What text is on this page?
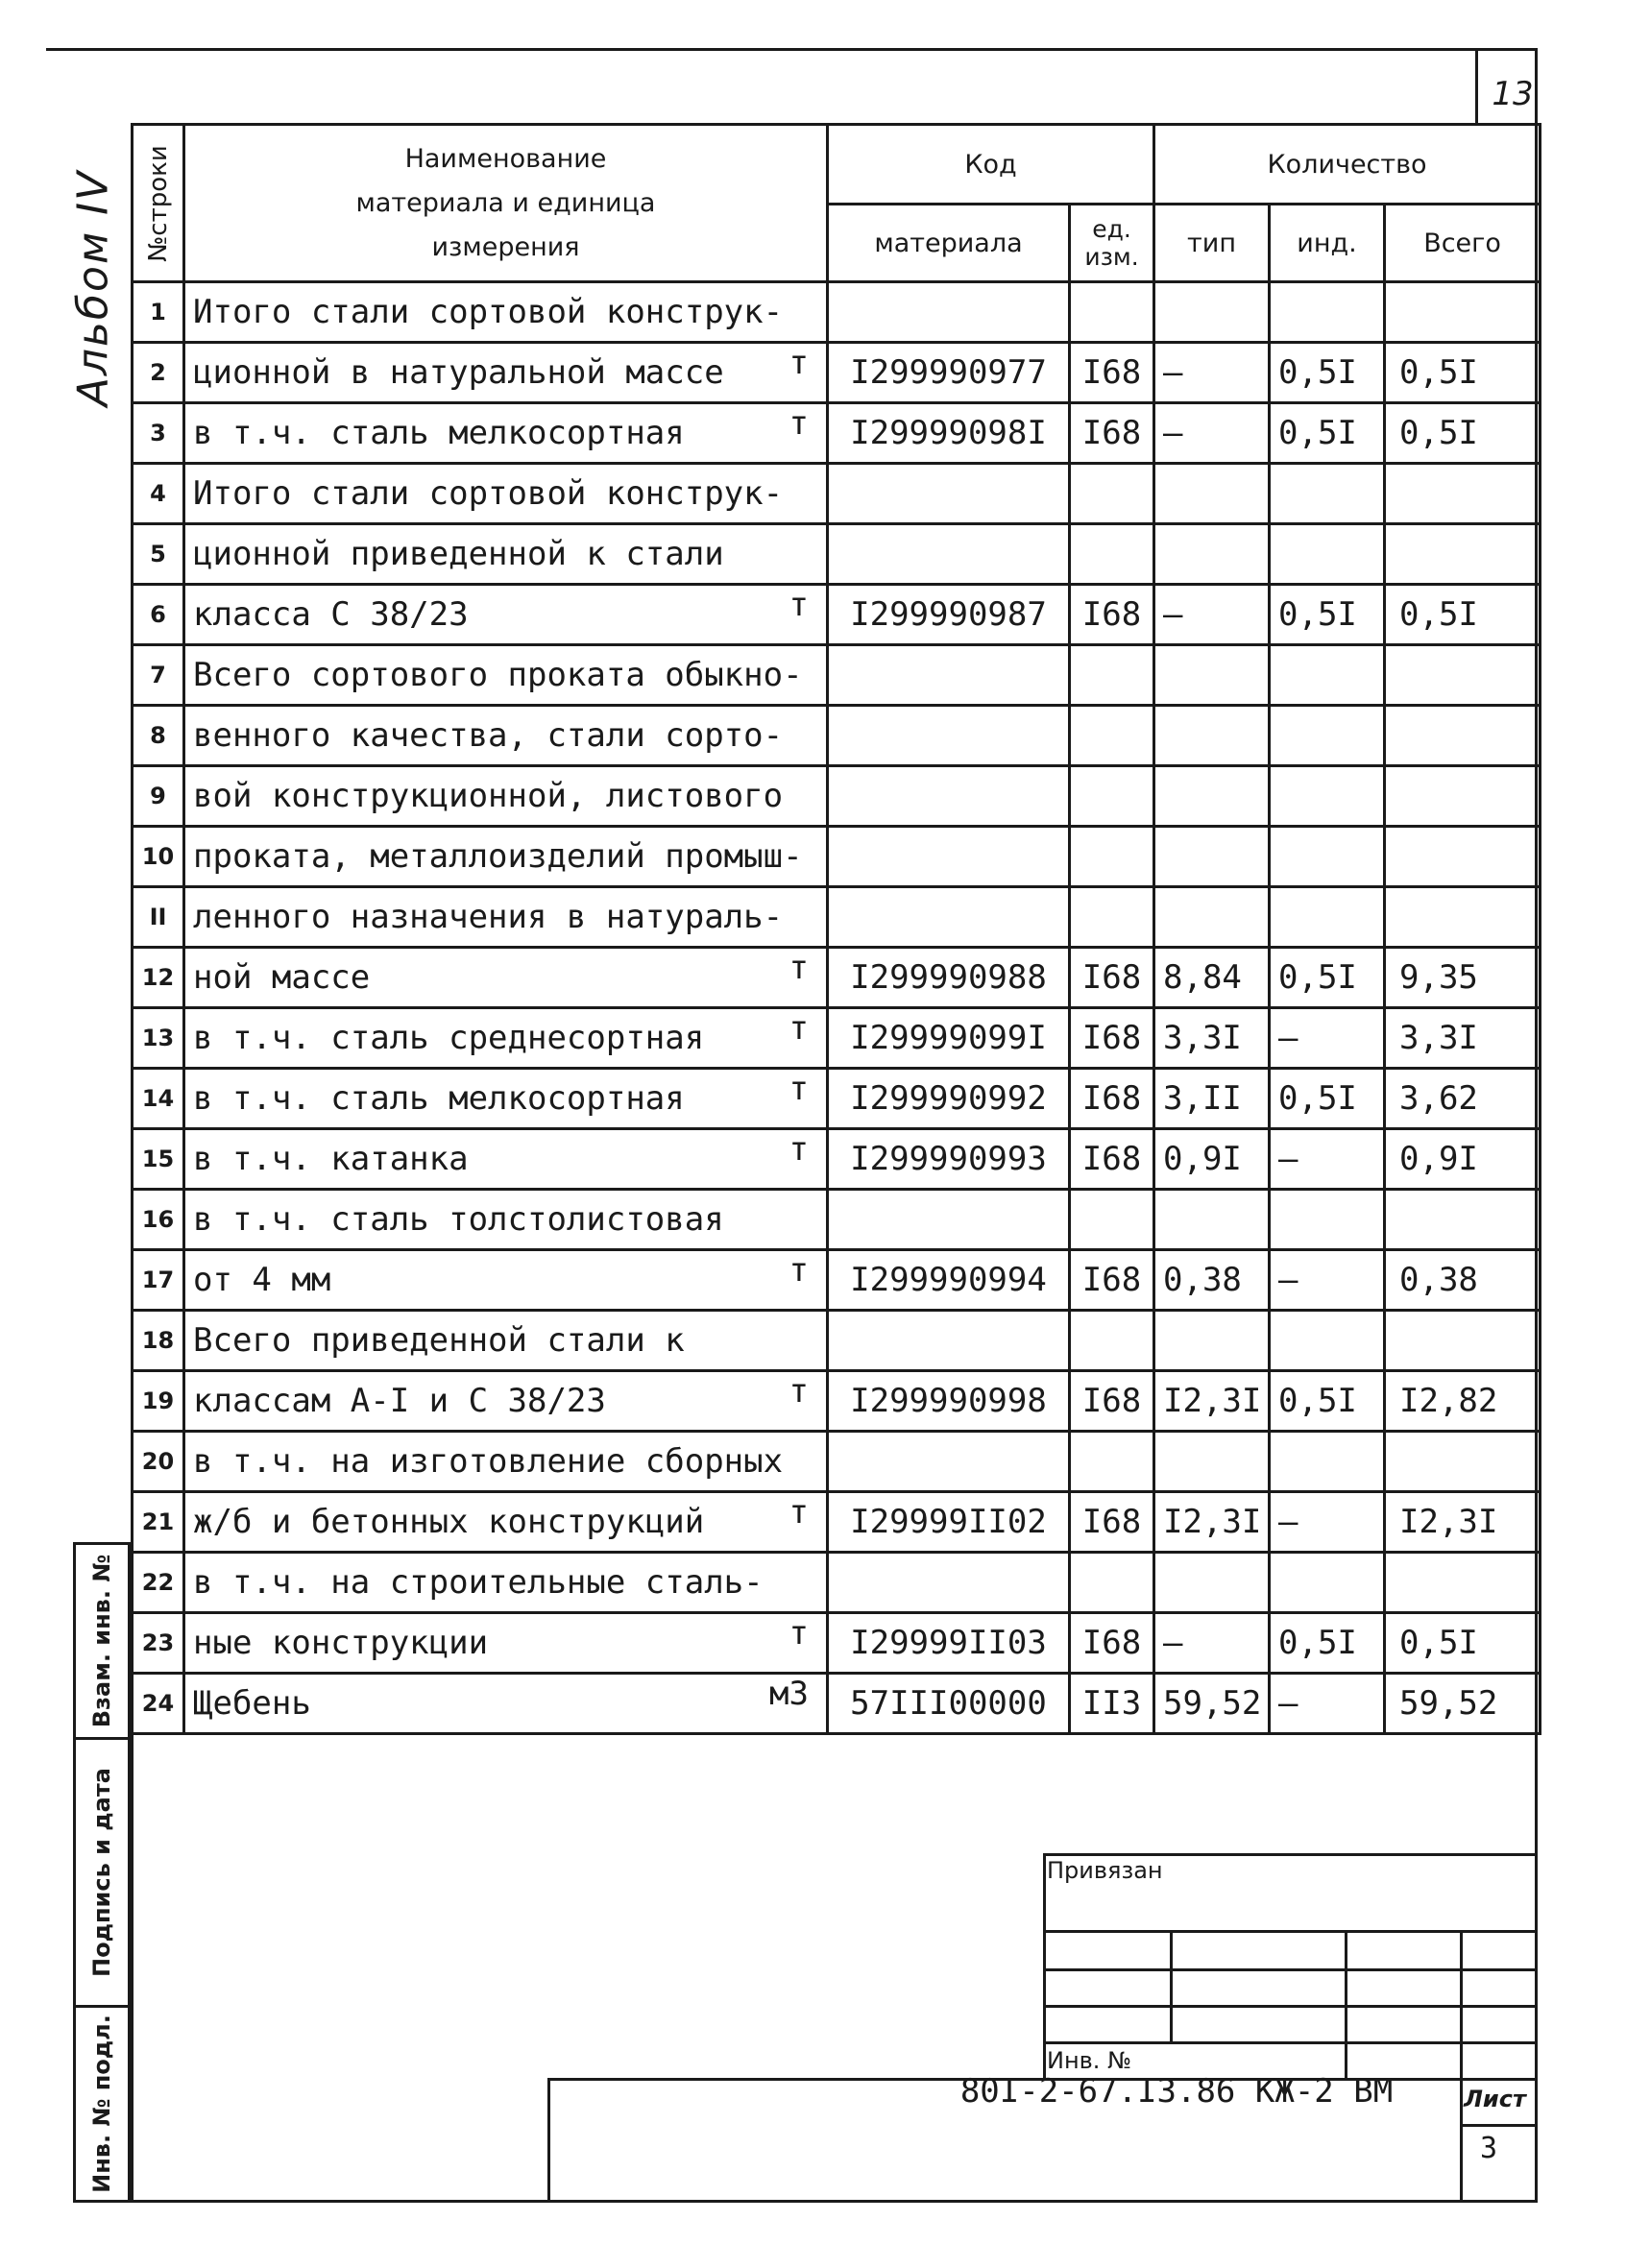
13
Альбом IV №строки	Наименование материала и единица измерения	Код		Количество		
		материала	ед. изм.	тип	инд.	Всего
1	Итого стали сортовой конструк-

2	ционной в натуральной массе т	I299990977	I68	–	0,5I	0,5I
3	в т.ч. сталь мелкосортная т	I29999098I	I68	–	0,5I	0,5I
4	Итого стали сортовой конструк-

5	ционной приведенной к стали

6	класса С 38/23 т	I299990987	I68	–	0,5I	0,5I
7	Всего сортового проката обыкно-

8	венного качества, стали сорто-

9	вой конструкционной, листового

10	проката, металлоизделий промыш-

II	ленного назначения в натураль-

12	ной массе т	I299990988	I68	8,84	0,5I	9,35
13	в т.ч. сталь среднесортная т	I29999099I	I68	3,3I	–	3,3I
14	в т.ч. сталь мелкосортная т	I299990992	I68	3,II	0,5I	3,62
15	в т.ч. катанка т	I299990993	I68	0,9I	–	0,9I
16	в т.ч. сталь толстолистовая

17	от 4 мм т	I299990994	I68	0,38	–	0,38
18	Всего приведенной стали к

19	классам А-I и С 38/23 т	I299990998	I68	I2,3I	0,5I	I2,82
20	в т.ч. на изготовление сборных

21	ж/б и бетонных конструкций т	I29999II02	I68	I2,3I	–	I2,3I
22	в т.ч. на строительные сталь-

23	ные конструкции т	I29999II03	I68	–	0,5I	0,5I
24	Щебень м3	57III00000	II3	59,52	–	59,52
Взам. инв. №
Подпись и дата
Инв. № подл.
Привязан
Инв. №
80I-2-67.I3.86 КЖ-2 ВМ	Лист
3
